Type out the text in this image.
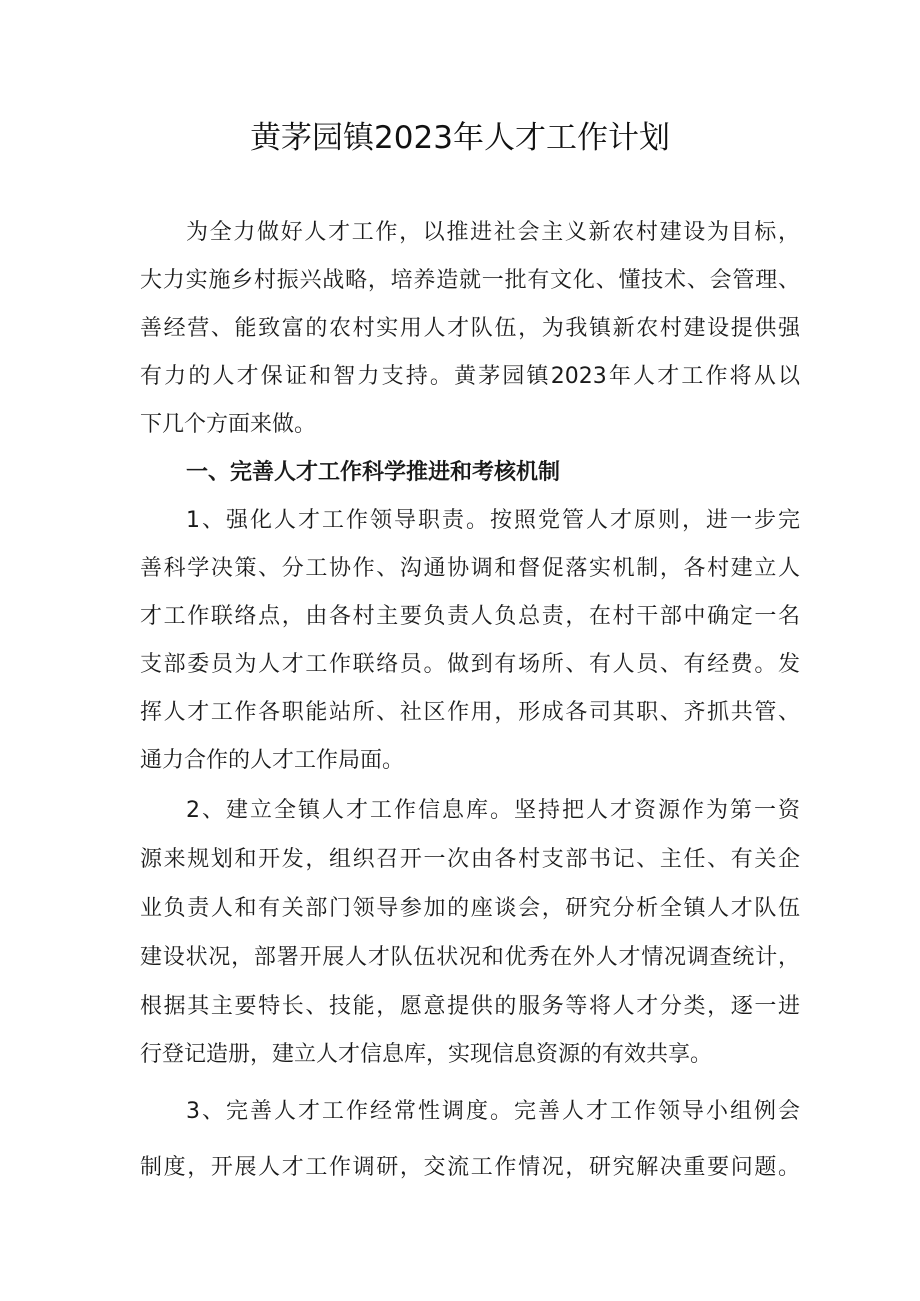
黄茅园镇2023年人才工作计划
为全力做好人才工作，以推进社会主义新农村建设为目标，
大力实施乡村振兴战略，培养造就一批有文化、懂技术、会管理、
善经营、能致富的农村实用人才队伍，为我镇新农村建设提供强
有力的人才保证和智力支持。黄茅园镇2023年人才工作将从以
下几个方面来做。
一、完善人才工作科学推进和考核机制
1、强化人才工作领导职责。按照党管人才原则，进一步完
善科学决策、分工协作、沟通协调和督促落实机制，各村建立人
才工作联络点，由各村主要负责人负总责，在村干部中确定一名
支部委员为人才工作联络员。做到有场所、有人员、有经费。发
挥人才工作各职能站所、社区作用，形成各司其职、齐抓共管、
通力合作的人才工作局面。
2、建立全镇人才工作信息库。坚持把人才资源作为第一资
源来规划和开发，组织召开一次由各村支部书记、主任、有关企
业负责人和有关部门领导参加的座谈会，研究分析全镇人才队伍
建设状况，部署开展人才队伍状况和优秀在外人才情况调查统计，
根据其主要特长、技能，愿意提供的服务等将人才分类，逐一进
行登记造册，建立人才信息库，实现信息资源的有效共享。
3、完善人才工作经常性调度。完善人才工作领导小组例会
制度，开展人才工作调研，交流工作情况，研究解决重要问题。
